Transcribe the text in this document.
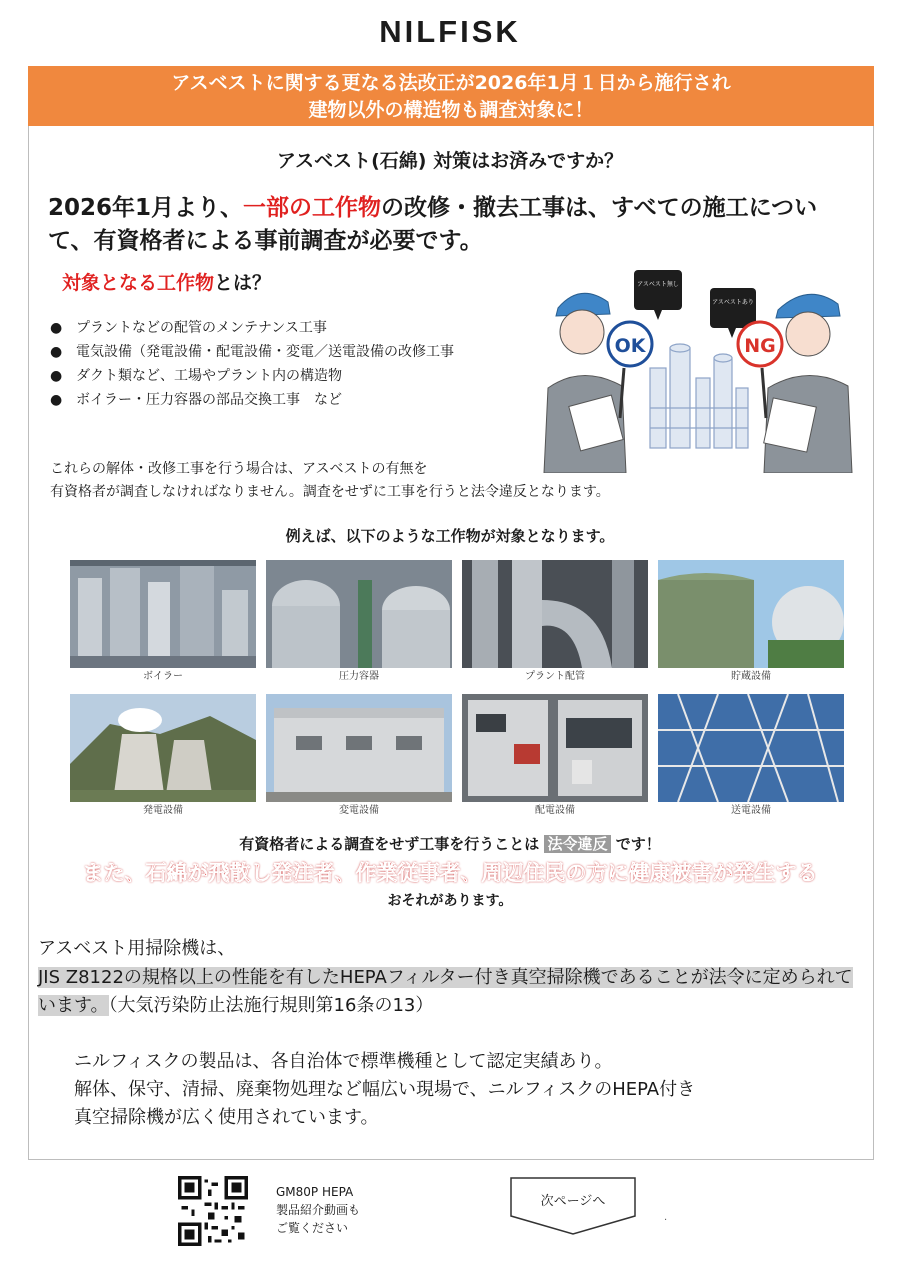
NILFISK
アスベストに関する更なる法改正が2026年1月１日から施行され
建物以外の構造物も調査対象に！
アスベスト(石綿) 対策はお済みですか？
2026年1月より、一部の工作物の改修・撤去工事は、すべての施工について、有資格者による事前調査が必要です。
対象となる工作物とは？
● プラントなどの配管のメンテナンス工事
● 電気設備（発電設備・配電設備・変電／送電設備の改修工事
● ダクト類など、工場やプラント内の構造物
● ボイラー・圧力容器の部品交換工事　など
アスベスト無し
アスベストあり
OK	NG
これらの解体・改修工事を行う場合は、アスベストの有無を
有資格者が調査しなければなりません。調査をせずに工事を行うと法令違反となります。
例えば、以下のような工作物が対象となります。
ボイラー	圧力容器	プラント配管	貯蔵設備
発電設備	変電設備	配電設備	送電設備
有資格者による調査をせず工事を行うことは 法令違反 です！
また、石綿が飛散し発注者、作業従事者、周辺住民の方に健康被害が発生する
おそれがあります。
アスベスト用掃除機は、
JIS Z8122の規格以上の性能を有したHEPAフィルター付き真空掃除機であることが法令に定められています。（大気汚染防止法施行規則第16条の13）
ニルフィスクの製品は、各自治体で標準機種として認定実績あり。
解体、保守、清掃、廃棄物処理など幅広い現場で、ニルフィスクのHEPA付き
真空掃除機が広く使用されています。
GM80P HEPA
製品紹介動画も
ご覧ください
次ページへ
.
